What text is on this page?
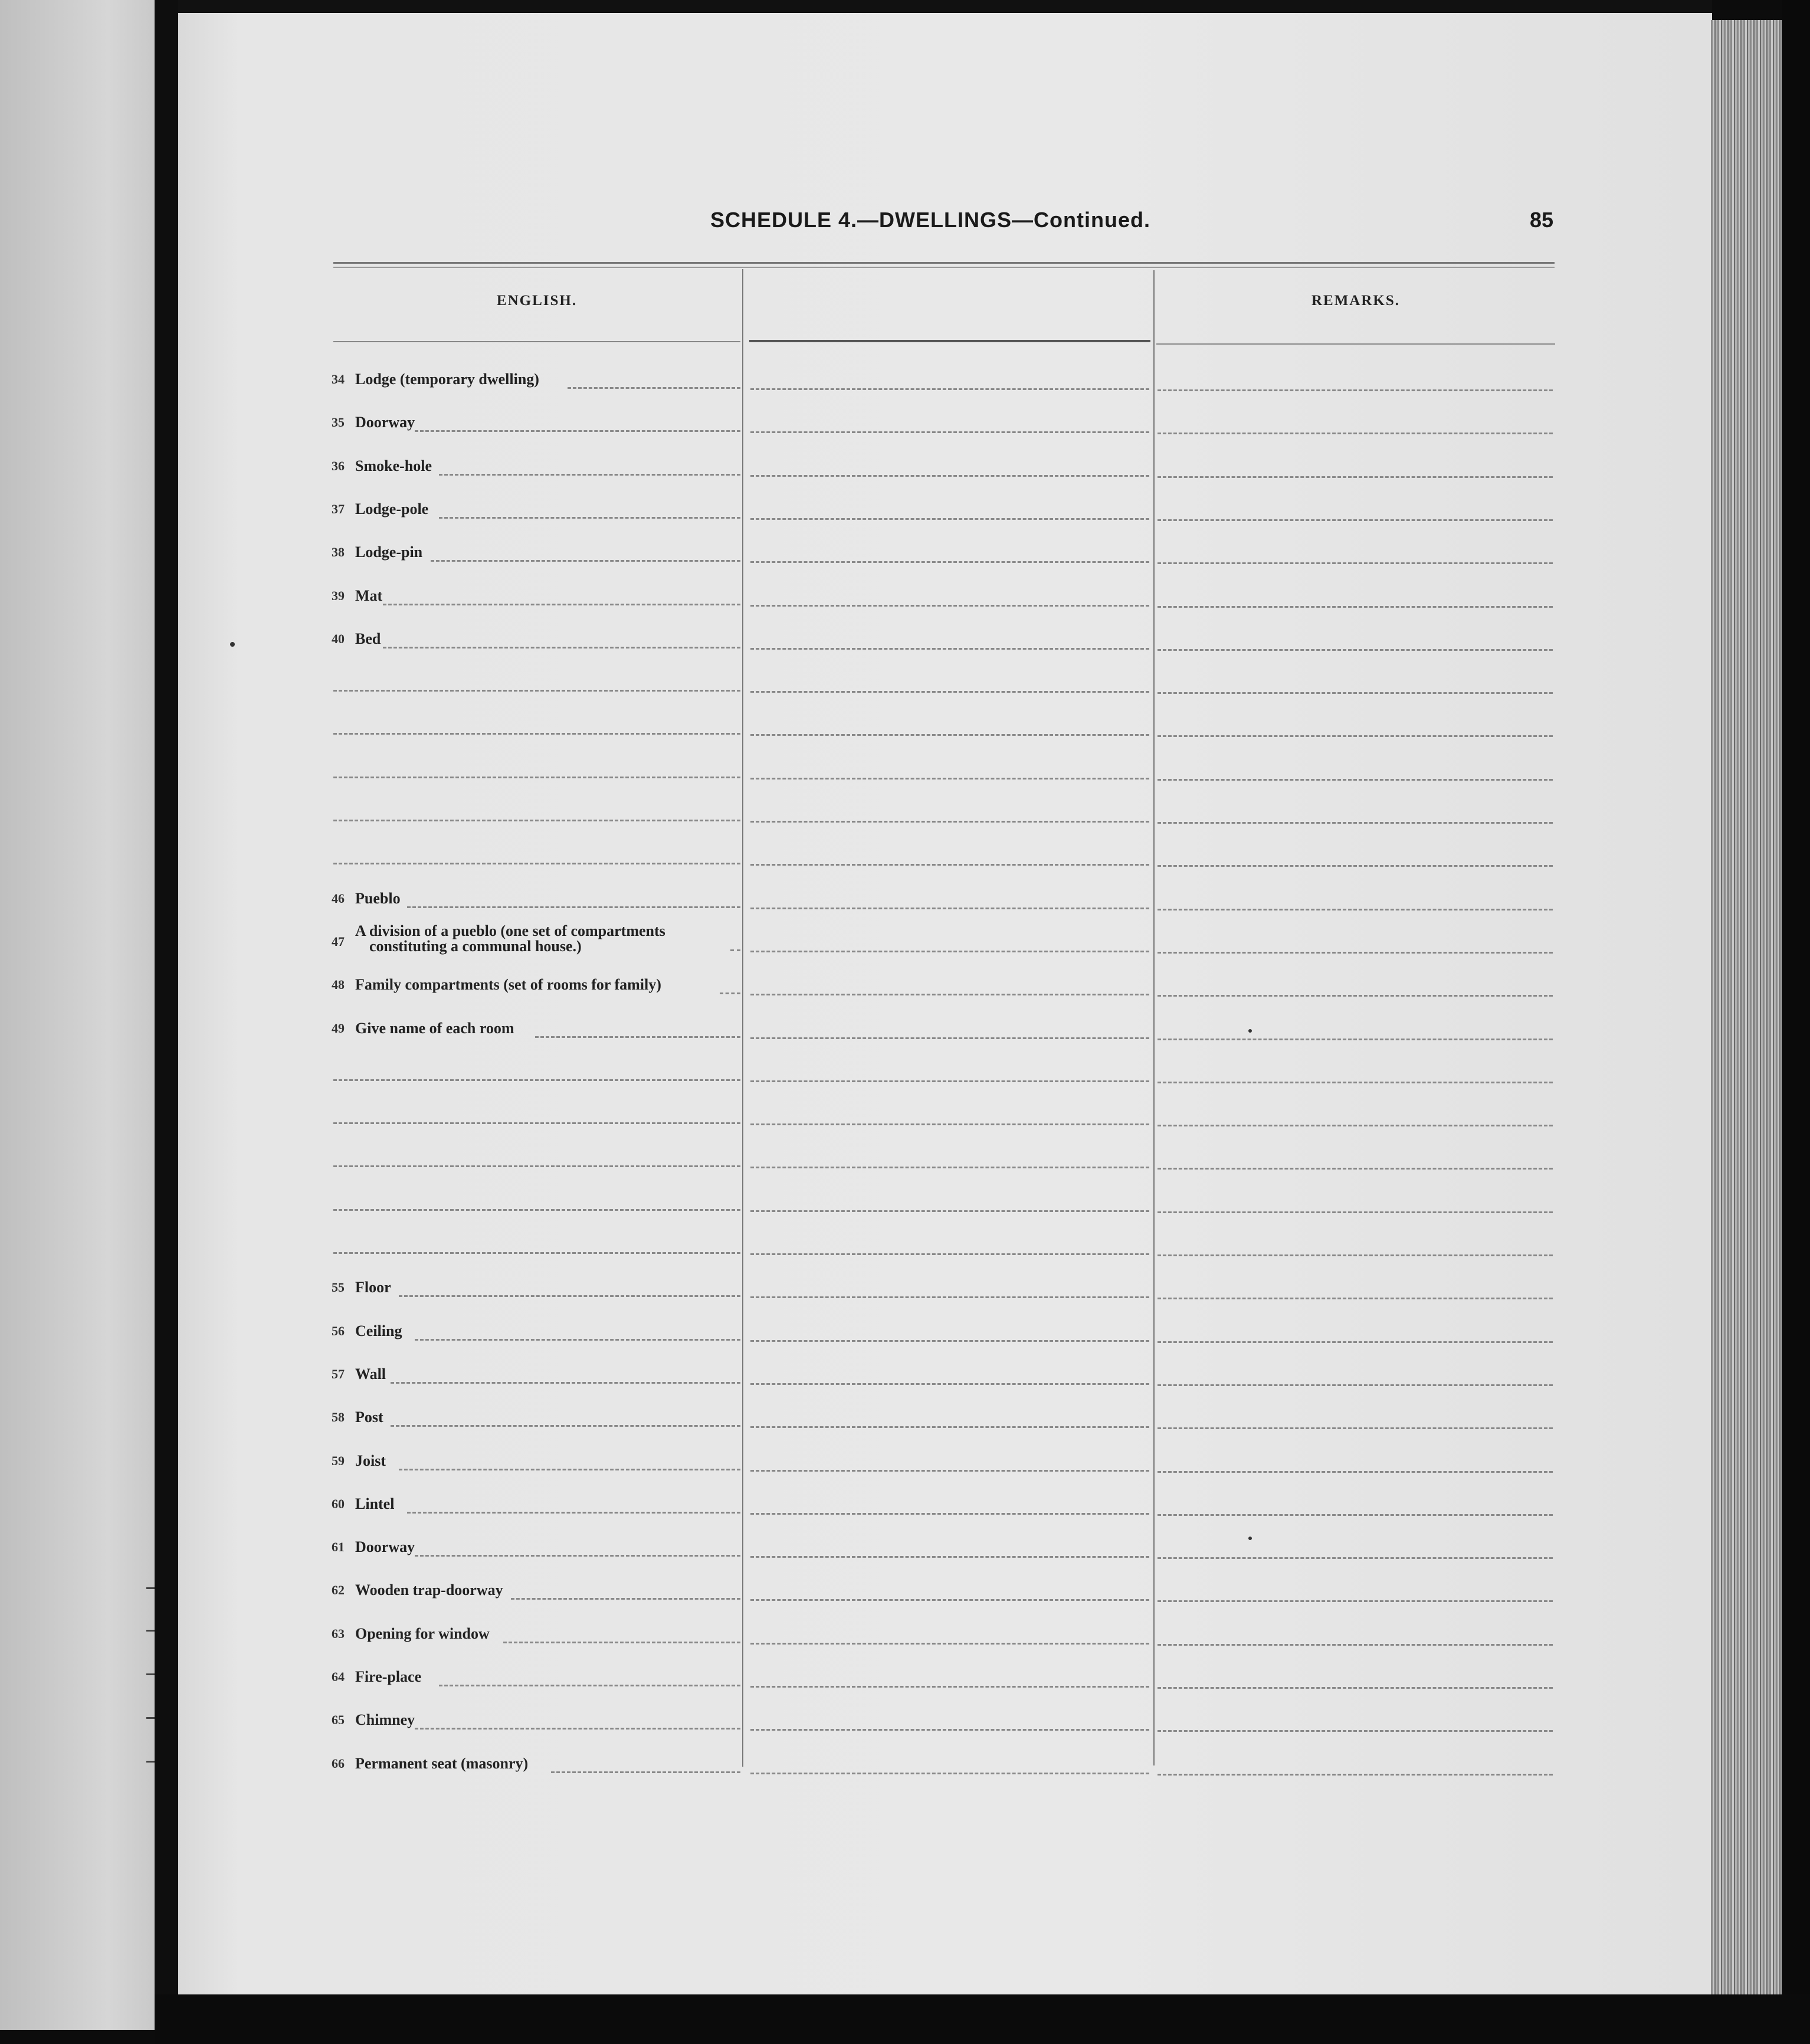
SCHEDULE 4.—DWELLINGS—Continued.	85
ENGLISH.	REMARKS.
34 Lodge (temporary dwelling)
35 Doorway
36 Smoke-hole
37 Lodge-pole
38 Lodge-pin
39 Mat
40 Bed
46 Pueblo
47
A division of a pueblo (one set of compartments
constituting a communal house.)
48 Family compartments (set of rooms for family)
49 Give name of each room
55 Floor
56 Ceiling
57 Wall
58 Post
59 Joist
60 Lintel
61 Doorway
62 Wooden trap-doorway
63 Opening for window
64 Fire-place
65 Chimney
66 Permanent seat (masonry)
